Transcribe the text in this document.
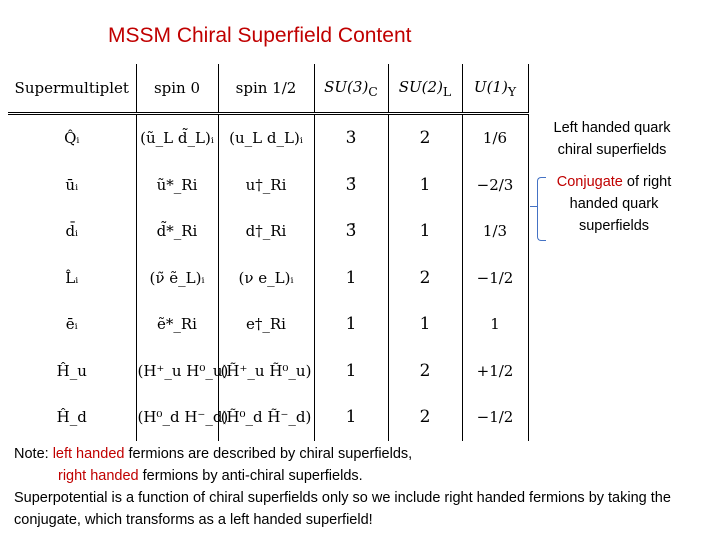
MSSM Chiral Superfield Content
Supermultiplet	spin 0	spin 1/2	$SU(3)_C$	$SU(2)_L$	$U(1)_Y$
Q̂ᵢ	(ũ_L d̃_L)ᵢ	(u_L d_L)ᵢ	3	2	1/6
ūᵢ	ũ*_Ri	u†_Ri	3̄	1	−2/3
d̄ᵢ	d̃*_Ri	d†_Ri	3̄	1	1/3
L̂ᵢ	(ν̃ ẽ_L)ᵢ	(ν e_L)ᵢ	1	2	−1/2
ēᵢ	ẽ*_Ri	e†_Ri	1	1	1
Ĥ_u	(H⁺_u H⁰_u)	(H̃⁺_u H̃⁰_u)	1	2	+1/2
Ĥ_d	(H⁰_d H⁻_d)	(H̃⁰_d H̃⁻_d)	1	2	−1/2
Left handed quark chiral superfields
Conjugate of right handed quark superfields
Note: left handed fermions are described by chiral superfields,
right handed fermions by anti-chiral superfields.
Superpotential is a function of chiral superfields only so we include right handed fermions by taking the conjugate, which transforms as a left handed superfield!
